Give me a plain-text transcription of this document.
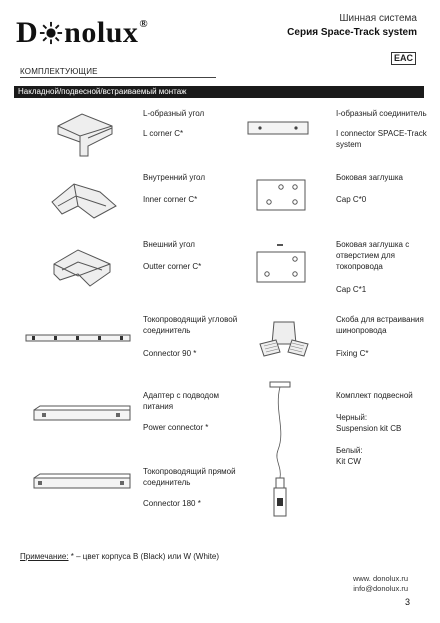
D nolux®	Шинная система
Серия Space-Track system
EAC
КОМПЛЕКТУЮЩИЕ
Накладной/подвесной/встраиваемый монтаж
L-образный угол
L corner C*
Внутренний угол
Inner corner C*
Внешний угол
Outter corner C*
Токопроводящий угловой
соединитель
Connector 90 *
Адаптер с подводом
питания
Power connector *
Токопроводящий прямой
соединитель
Connector 180 *
I-образный соединитель
I connector SPACE-Track
system
Боковая заглушка
Cap C*0
Боковая заглушка с
отверстием для
токопровода
Cap C*1
Скоба для встраивания
шинопровода
Fixing C*
Комплект подвесной
Черный:
Suspension kit CB
Белый:
Kit CW
Примечание: * – цвет корпуса B (Black) или W (White)
www. donolux.ru
info@donolux.ru
3
